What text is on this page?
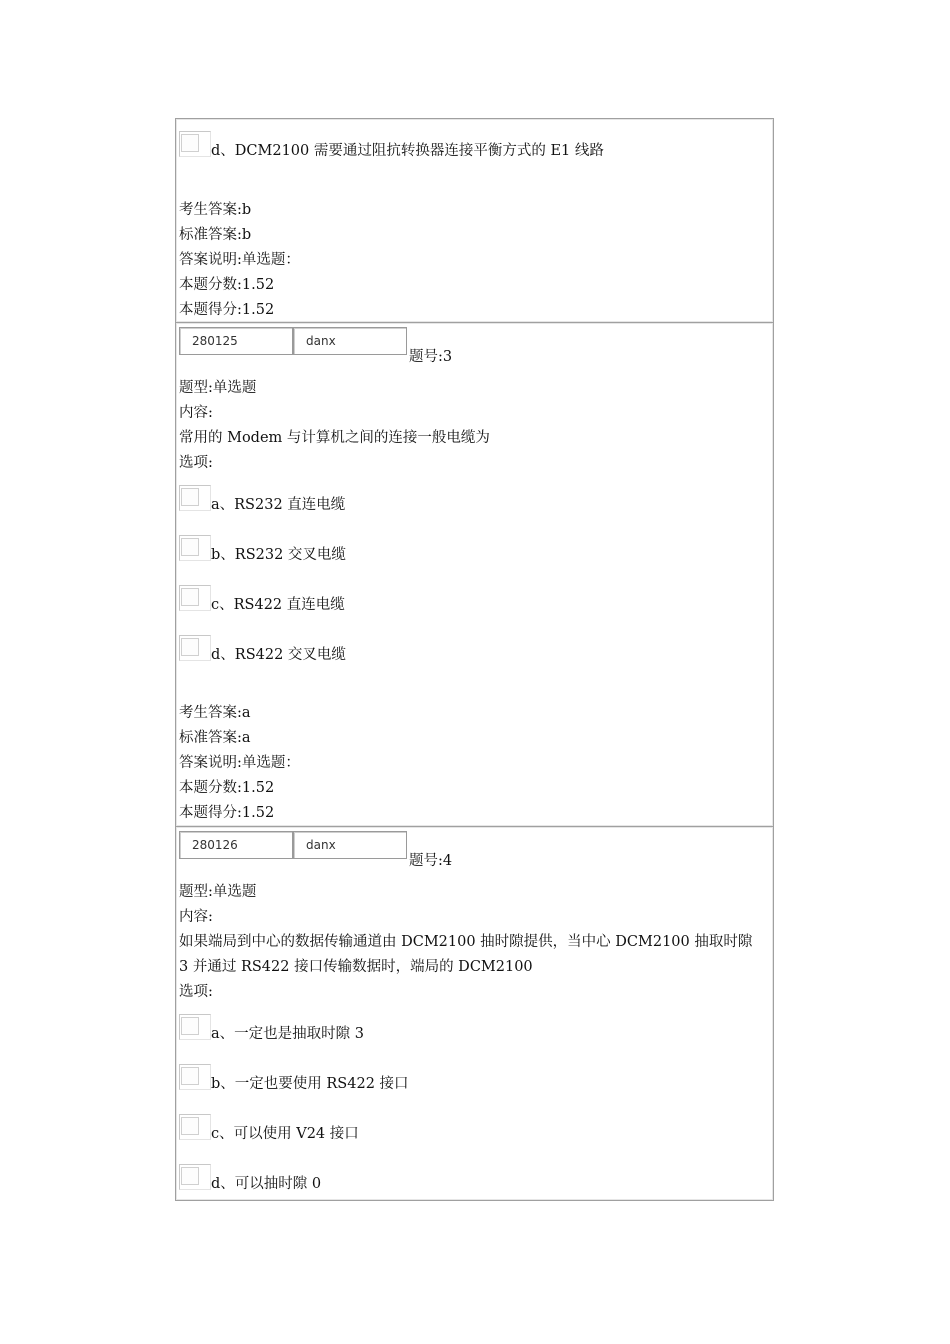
d、DCM2100 需要通过阻抗转换器连接平衡方式的 E1 线路
考生答案:b
标准答案:b
答案说明:单选题：
本题分数:1.52
本题得分:1.52
280125	danx
题号:3
题型:单选题
内容:
常用的 Modem 与计算机之间的连接一般电缆为
选项:
a、RS232 直连电缆
b、RS232 交叉电缆
c、RS422 直连电缆
d、RS422 交叉电缆
考生答案:a
标准答案:a
答案说明:单选题：
本题分数:1.52
本题得分:1.52
280126	danx
题号:4
题型:单选题
内容:
如果端局到中心的数据传输通道由 DCM2100 抽时隙提供，当中心 DCM2100 抽取时隙
3 并通过 RS422 接口传输数据时，端局的 DCM2100
选项:
a、一定也是抽取时隙 3
b、一定也要使用 RS422 接口
c、可以使用 V24 接口
d、可以抽时隙 0
